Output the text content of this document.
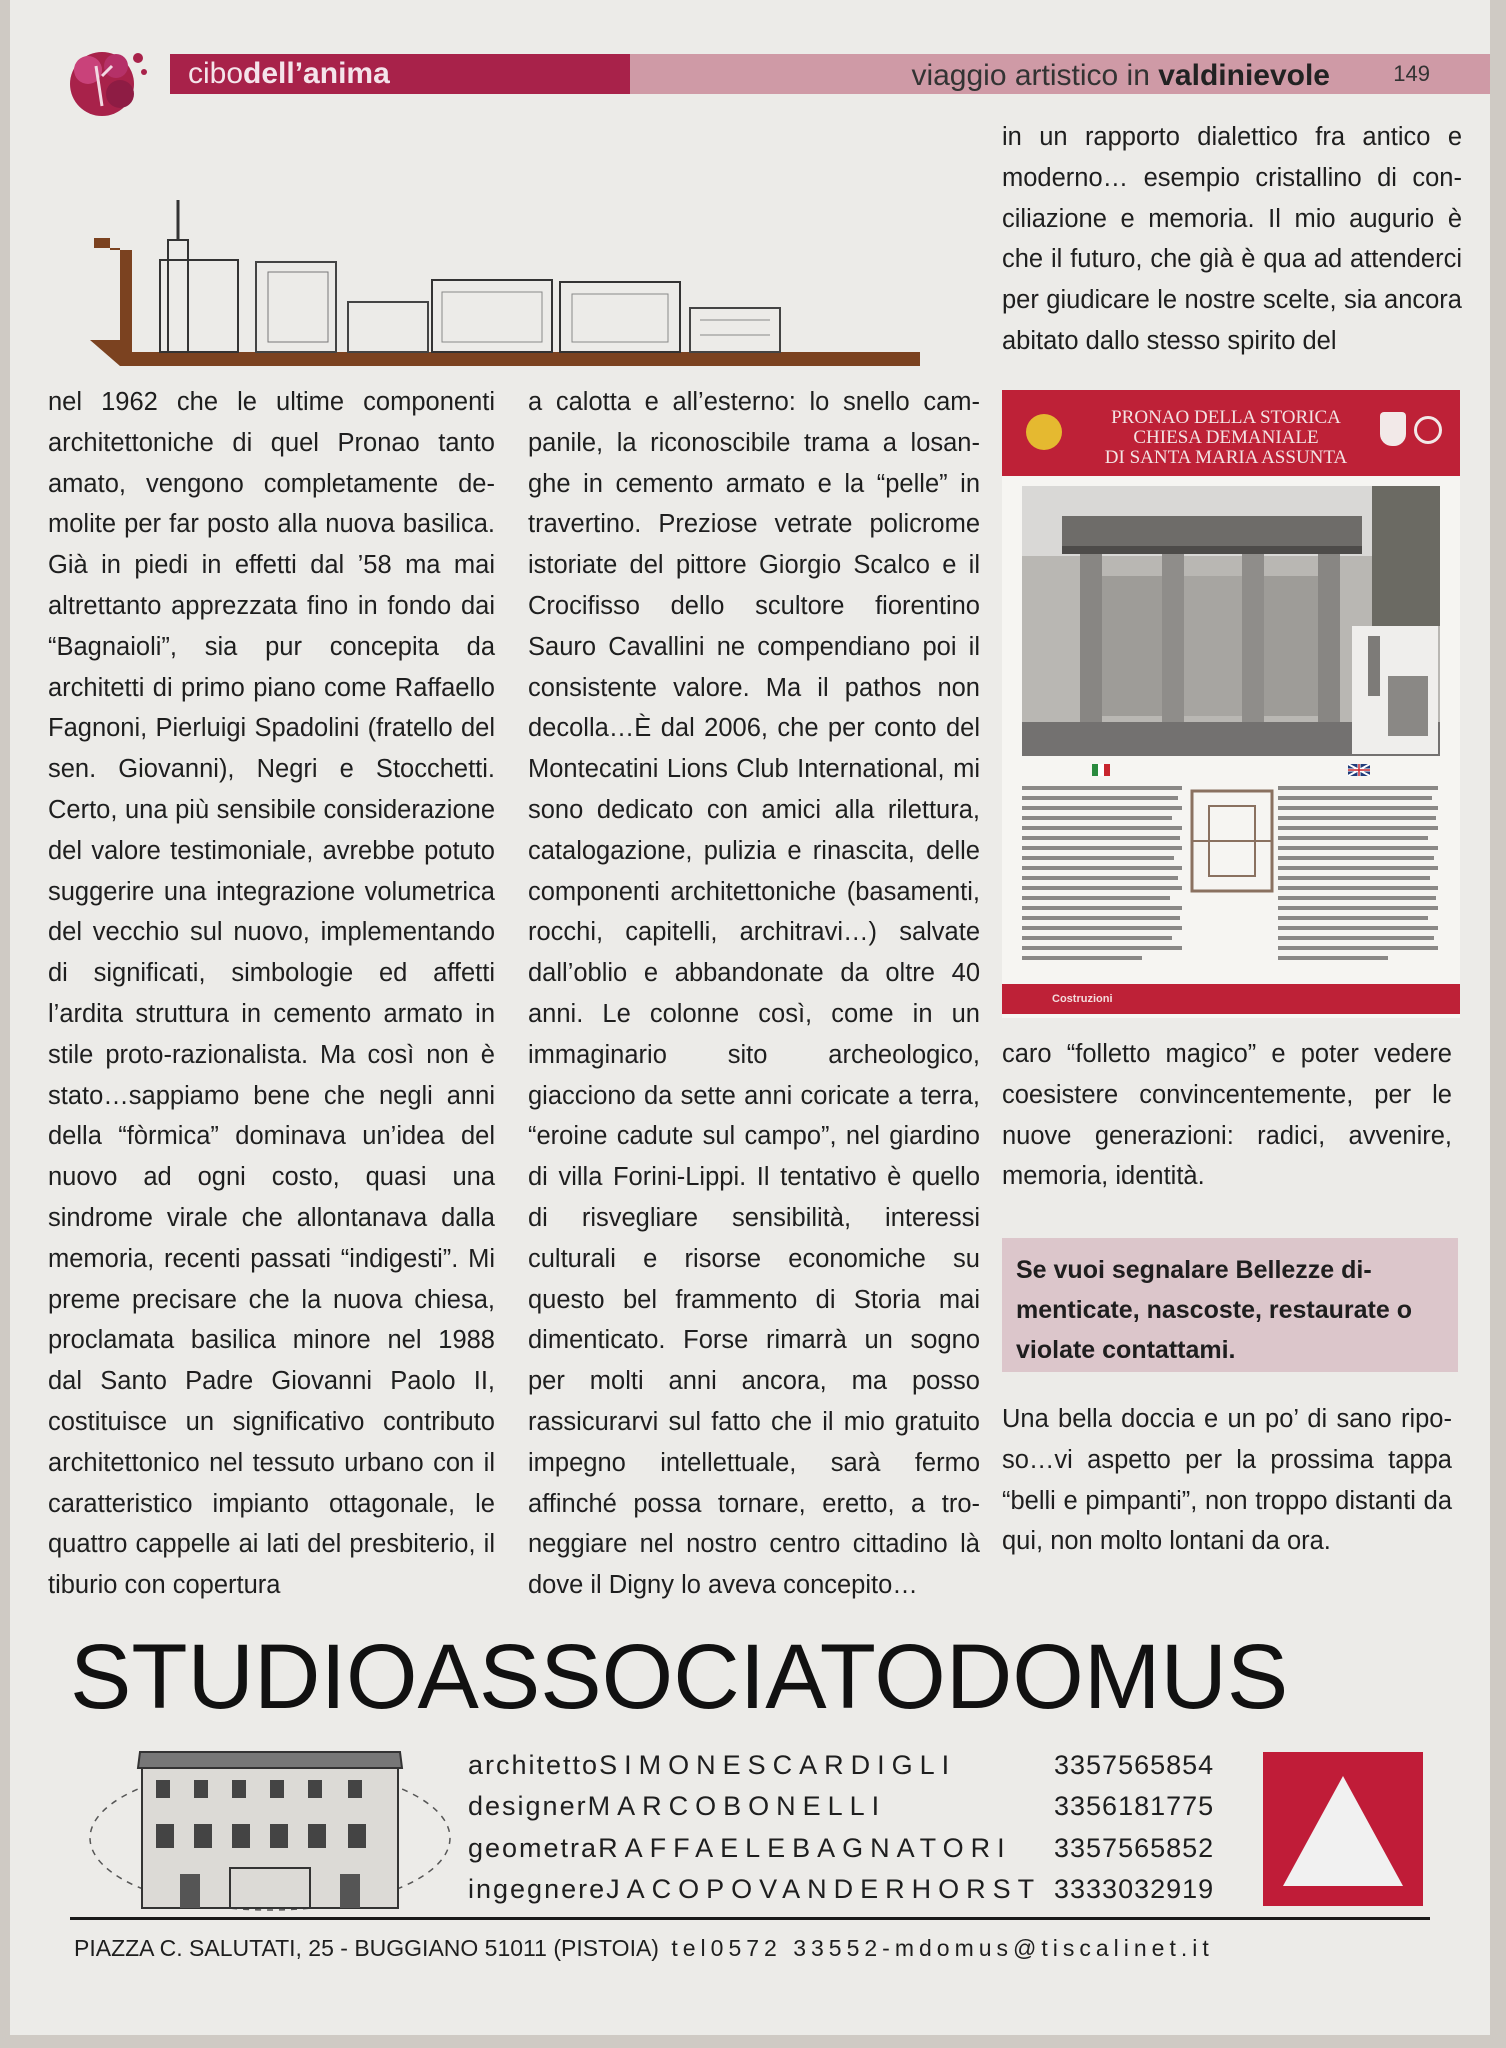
cibodell’anima	viaggio artistico in valdinievole	149

nel 1962 che le ultime componenti architettoniche di quel Pronao tanto amato, vengono completamente demolite per far posto alla nuova basilica. Già in piedi in effetti dal ’58 ma mai altrettanto apprezzata fino in fondo dai “Bagnaioli”, sia pur concepita da architetti di primo piano come Raffaello Fagnoni, Pierluigi Spadolini (fratello del sen. Giovanni), Negri e Stocchetti. Certo, una più sensibile considerazione del valore testimoniale, avrebbe potuto suggerire una integrazione volumetrica del vecchio sul nuovo, implementando di significati, simbologie ed affetti l’ardita struttura in cemento armato in stile proto-razionalista. Ma così non è stato…sappiamo bene che negli anni della “fòrmica” dominava un’idea del nuovo ad ogni costo, quasi una sindrome virale che allontanava dalla memoria, recenti passati “indigesti”. Mi preme precisare che la nuova chiesa, proclamata basilica minore nel 1988 dal Santo Padre Giovanni Paolo II, costituisce un significativo contributo architettonico nel tessuto urbano con il caratteristico impianto ottagonale, le quattro cappelle ai lati del presbiterio, il tiburio con copertura

a calotta e all’esterno: lo snello campanile, la riconoscibile trama a losanghe in cemento armato e la “pelle” in travertino. Preziose vetrate policrome istoriate del pittore Giorgio Scalco e il Crocifisso dello scultore fiorentino Sauro Cavallini ne compendiano poi il consistente valore. Ma il pathos non decolla…È dal 2006, che per conto del Montecatini Lions Club International, mi sono dedicato con amici alla rilettura, catalogazione, pulizia e rinascita, delle componenti architettoniche (basamenti, rocchi, capitelli, architravi…) salvate dall’oblio e abbandonate da oltre 40 anni. Le colonne così, come in un immaginario sito archeologico, giacciono da sette anni coricate a terra, “eroine cadute sul campo”, nel giardino di villa Forini-Lippi. Il tentativo è quello di risvegliare sensibilità, interessi culturali e risorse economiche su questo bel frammento di Storia mai dimenticato. Forse rimarrà un sogno per molti anni ancora, ma posso rassicurarvi sul fatto che il mio gratuito impegno intellettuale, sarà fermo affinché possa tornare, eretto, a troneggiare nel nostro centro cittadino là dove il Digny lo aveva concepito…

in un rapporto dialettico fra antico e moderno… esempio cristallino di conciliazione e memoria. Il mio augurio è che il futuro, che già è qua ad attenderci per giudicare le nostre scelte, sia ancora abitato dallo stesso spirito del

PRONAO DELLA STORICA
CHIESA DEMANIALE
DI SANTA MARIA ASSUNTA
Costruzioni

caro “folletto magico” e poter vedere coesistere convincentemente, per le nuove generazioni: radici, avvenire, memoria, identità.

Se vuoi segnalare Bellezze dimenticate, nascoste, restaurate o violate contattami.

Una bella doccia e un po’ di sano riposo…vi aspetto per la prossima tappa “belli e pimpanti”, non troppo distanti da qui, non molto lontani da ora.

STUDIOASSOCIATODOMUS
architettoSIMONESCARDIGLI	3357565854
designerMARCOBONELLI	3356181775
geometraRAFFAELEBAGNATORI 3357565852
ingegnereJACOPOVANDERHORST 3333032919
PIAZZA C. SALUTATI, 25 - BUGGIANO 51011 (PISTOIA) tel0572 33552-mdomus@tiscalinet.it
